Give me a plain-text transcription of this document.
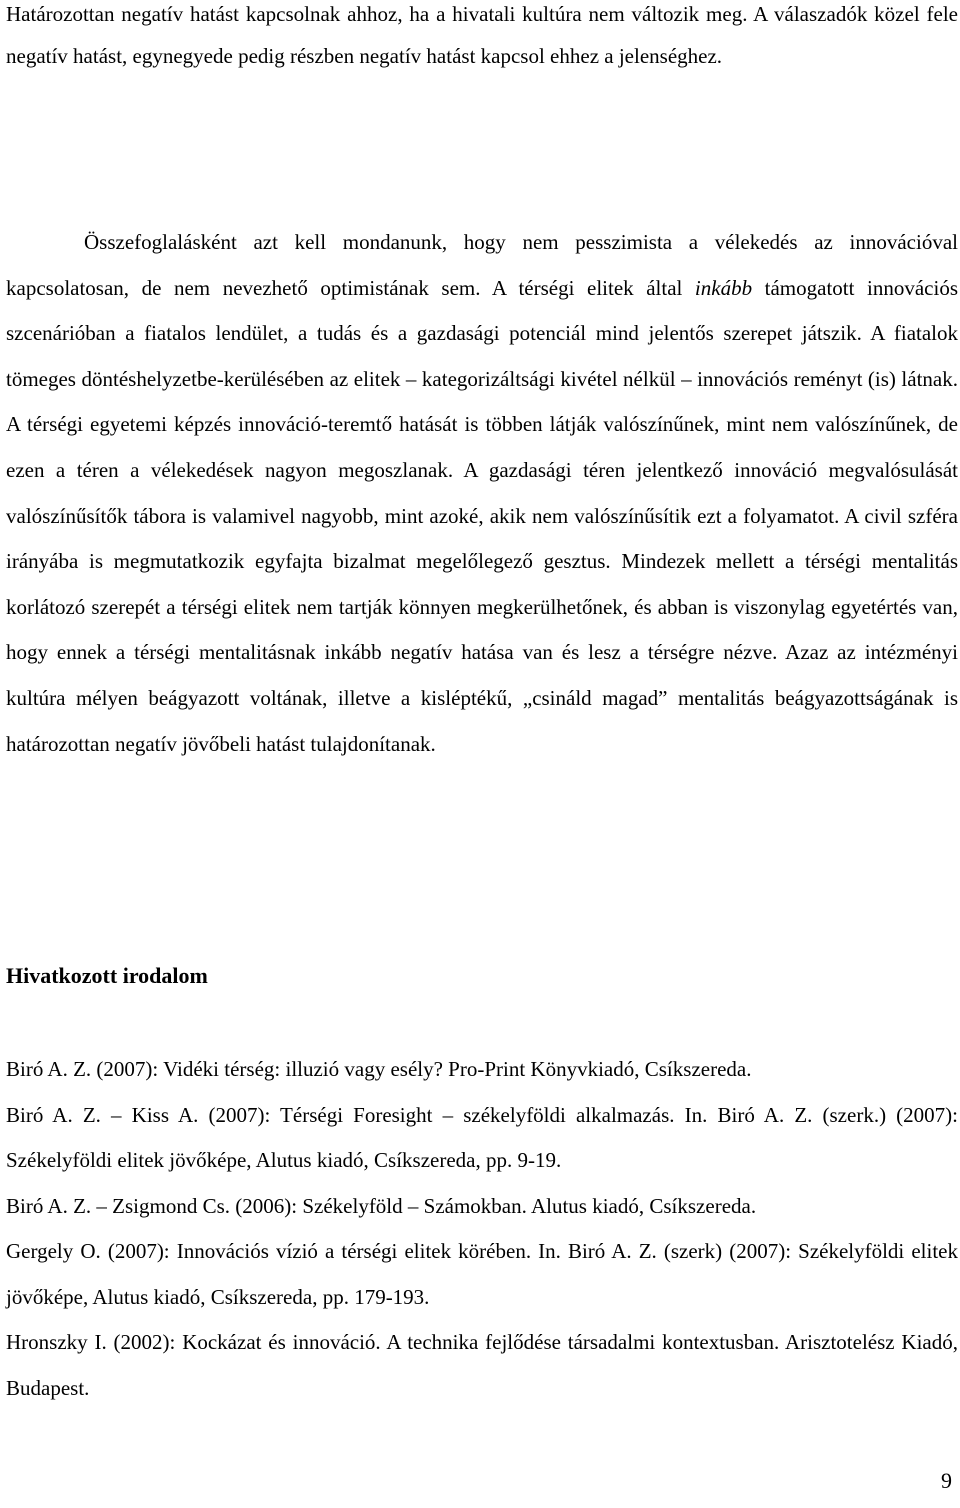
Határozottan negatív hatást kapcsolnak ahhoz, ha a hivatali kultúra nem változik meg. A válaszadók közel fele negatív hatást, egynegyede pedig részben negatív hatást kapcsol ehhez a jelenséghez.

Összefoglalásként azt kell mondanunk, hogy nem pesszimista a vélekedés az innovációval kapcsolatosan, de nem nevezhető optimistának sem. A térségi elitek által inkább támogatott innovációs szcenárióban a fiatalos lendület, a tudás és a gazdasági potenciál mind jelentős szerepet játszik. A fiatalok tömeges döntéshelyzetbe-kerülésében az elitek – kategorizáltsági kivétel nélkül – innovációs reményt (is) látnak. A térségi egyetemi képzés innováció-teremtő hatását is többen látják valószínűnek, mint nem valószínűnek, de ezen a téren a vélekedések nagyon megoszlanak. A gazdasági téren jelentkező innováció megvalósulását valószínűsítők tábora is valamivel nagyobb, mint azoké, akik nem valószínűsítik ezt a folyamatot. A civil szféra irányába is megmutatkozik egyfajta bizalmat megelőlegező gesztus. Mindezek mellett a térségi mentalitás korlátozó szerepét a térségi elitek nem tartják könnyen megkerülhetőnek, és abban is viszonylag egyetértés van, hogy ennek a térségi mentalitásnak inkább negatív hatása van és lesz a térségre nézve. Azaz az intézményi kultúra mélyen beágyazott voltának, illetve a kisléptékű, „csináld magad” mentalitás beágyazottságának is határozottan negatív jövőbeli hatást tulajdonítanak.

Hivatkozott irodalom
Biró A. Z. (2007): Vidéki térség: illuzió vagy esély? Pro-Print Könyvkiadó, Csíkszereda.
Biró A. Z. – Kiss A. (2007): Térségi Foresight – székelyföldi alkalmazás. In. Biró A. Z. (szerk.) (2007): Székelyföldi elitek jövőképe, Alutus kiadó, Csíkszereda, pp. 9-19.
Biró A. Z. – Zsigmond Cs. (2006): Székelyföld – Számokban. Alutus kiadó, Csíkszereda.
Gergely O. (2007): Innovációs vízió a térségi elitek körében. In. Biró A. Z. (szerk) (2007): Székelyföldi elitek jövőképe, Alutus kiadó, Csíkszereda, pp. 179-193.
Hronszky I. (2002): Kockázat és innováció. A technika fejlődése társadalmi kontextusban. Arisztotelész Kiadó, Budapest.

9
